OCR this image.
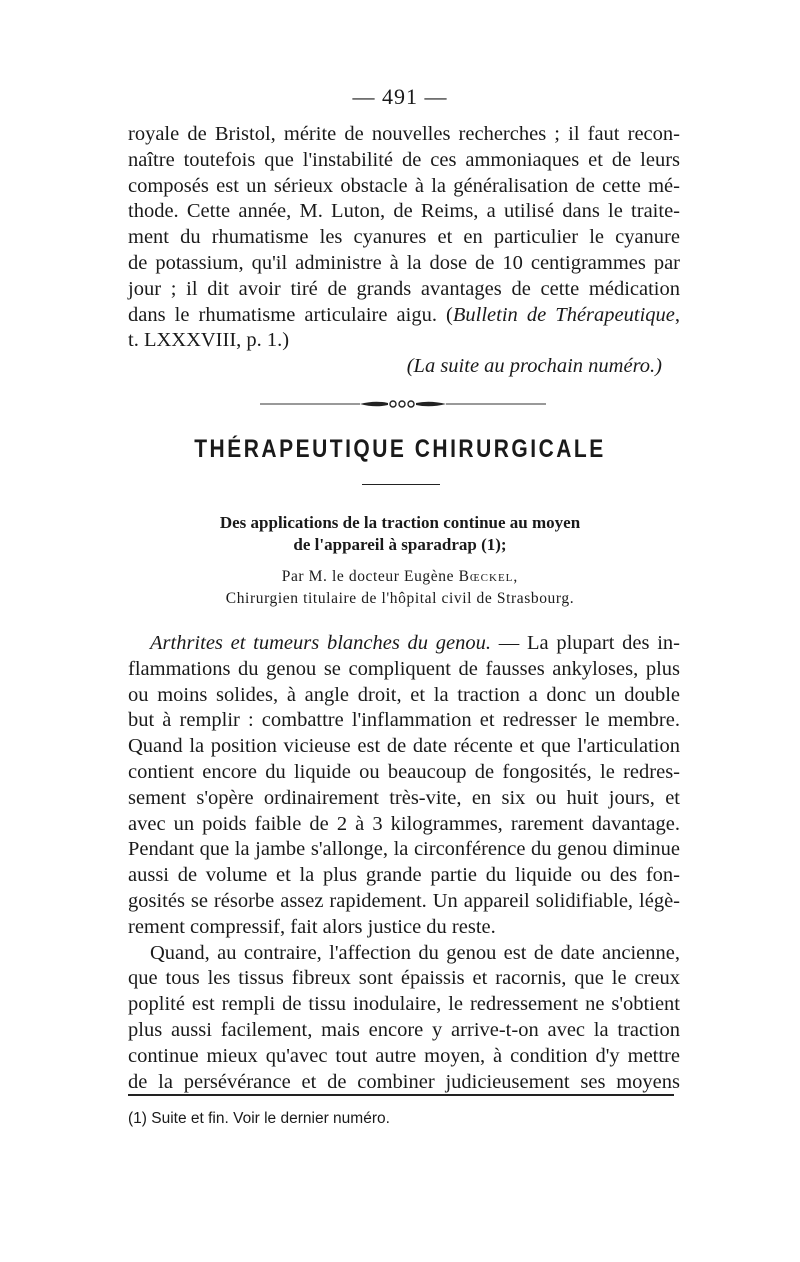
— 491 —
royale de Bristol, mérite de nouvelles recherches ; il faut recon-
naître toutefois que l'instabilité de ces ammoniaques et de leurs
composés est un sérieux obstacle à la généralisation de cette mé-
thode. Cette année, M. Luton, de Reims, a utilisé dans le traite-
ment du rhumatisme les cyanures et en particulier le cyanure
de potassium, qu'il administre à la dose de 10 centigrammes par
jour ; il dit avoir tiré de grands avantages de cette médication
dans le rhumatisme articulaire aigu. (Bulletin de Thérapeutique,
t. LXXXVIII, p. 1.)
(La suite au prochain numéro.)
THÉRAPEUTIQUE CHIRURGICALE
Des applications de la traction continue au moyen
de l'appareil à sparadrap (1);
Par M. le docteur Eugène Bœckel,
Chirurgien titulaire de l'hôpital civil de Strasbourg.
Arthrites et tumeurs blanches du genou. — La plupart des in-
flammations du genou se compliquent de fausses ankyloses, plus
ou moins solides, à angle droit, et la traction a donc un double
but à remplir : combattre l'inflammation et redresser le membre.
Quand la position vicieuse est de date récente et que l'articulation
contient encore du liquide ou beaucoup de fongosités, le redres-
sement s'opère ordinairement très-vite, en six ou huit jours, et
avec un poids faible de 2 à 3 kilogrammes, rarement davantage.
Pendant que la jambe s'allonge, la circonférence du genou diminue
aussi de volume et la plus grande partie du liquide ou des fon-
gosités se résorbe assez rapidement. Un appareil solidifiable, légè-
rement compressif, fait alors justice du reste.
Quand, au contraire, l'affection du genou est de date ancienne,
que tous les tissus fibreux sont épaissis et racornis, que le creux
poplité est rempli de tissu inodulaire, le redressement ne s'obtient
plus aussi facilement, mais encore y arrive-t-on avec la traction
continue mieux qu'avec tout autre moyen, à condition d'y mettre
de la persévérance et de combiner judicieusement ses moyens
(1) Suite et fin. Voir le dernier numéro.
